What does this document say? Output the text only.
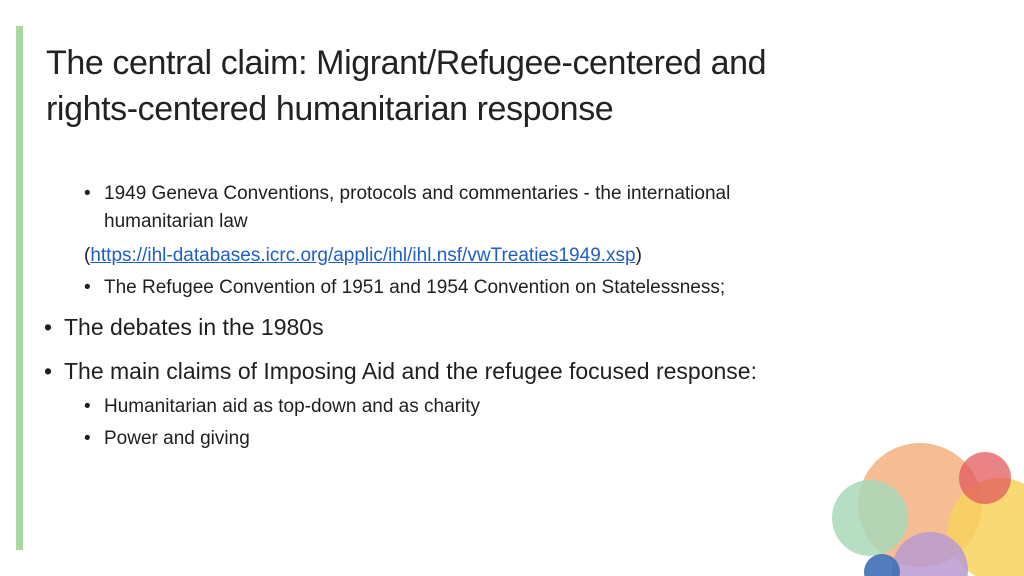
The central claim: Migrant/Refugee-centered and
rights-centered humanitarian response
• 1949 Geneva Conventions, protocols and commentaries - the international
humanitarian law
(https://ihl-databases.icrc.org/applic/ihl/ihl.nsf/vwTreaties1949.xsp)
• The Refugee Convention of 1951 and 1954 Convention on Statelessness;
• The debates in the 1980s
• The main claims of Imposing Aid and the refugee focused response:
• Humanitarian aid as top-down and as charity
• Power and giving
